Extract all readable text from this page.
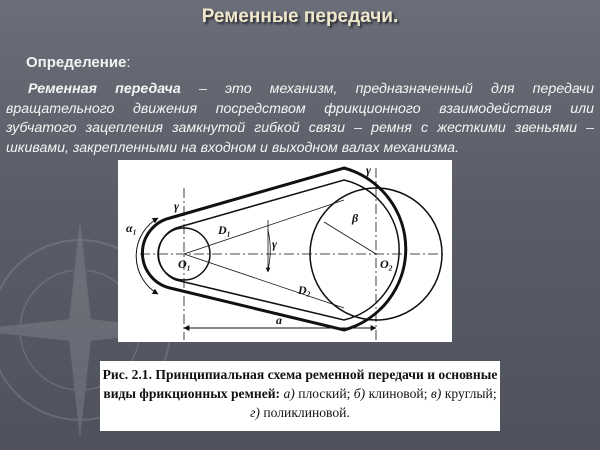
Ременные передачи.
Определение:
Ременная передача – это механизм, предназначенный для передачи вращательного движения посредством фрикционного взаимодействия или зубчатого зацепления замкнутой гибкой связи – ремня с жесткими звеньями – шкивами, закрепленными на входном и выходном валах механизма.
α₁
γ
γ
γ
β
D₁
D₂
O₁	O₂
a

Рис. 2.1. Принципиальная схема ременной передачи и основные виды фрикционных ремней: а) плоский; б) клиновой; в) круглый; г) поликлиновой.
